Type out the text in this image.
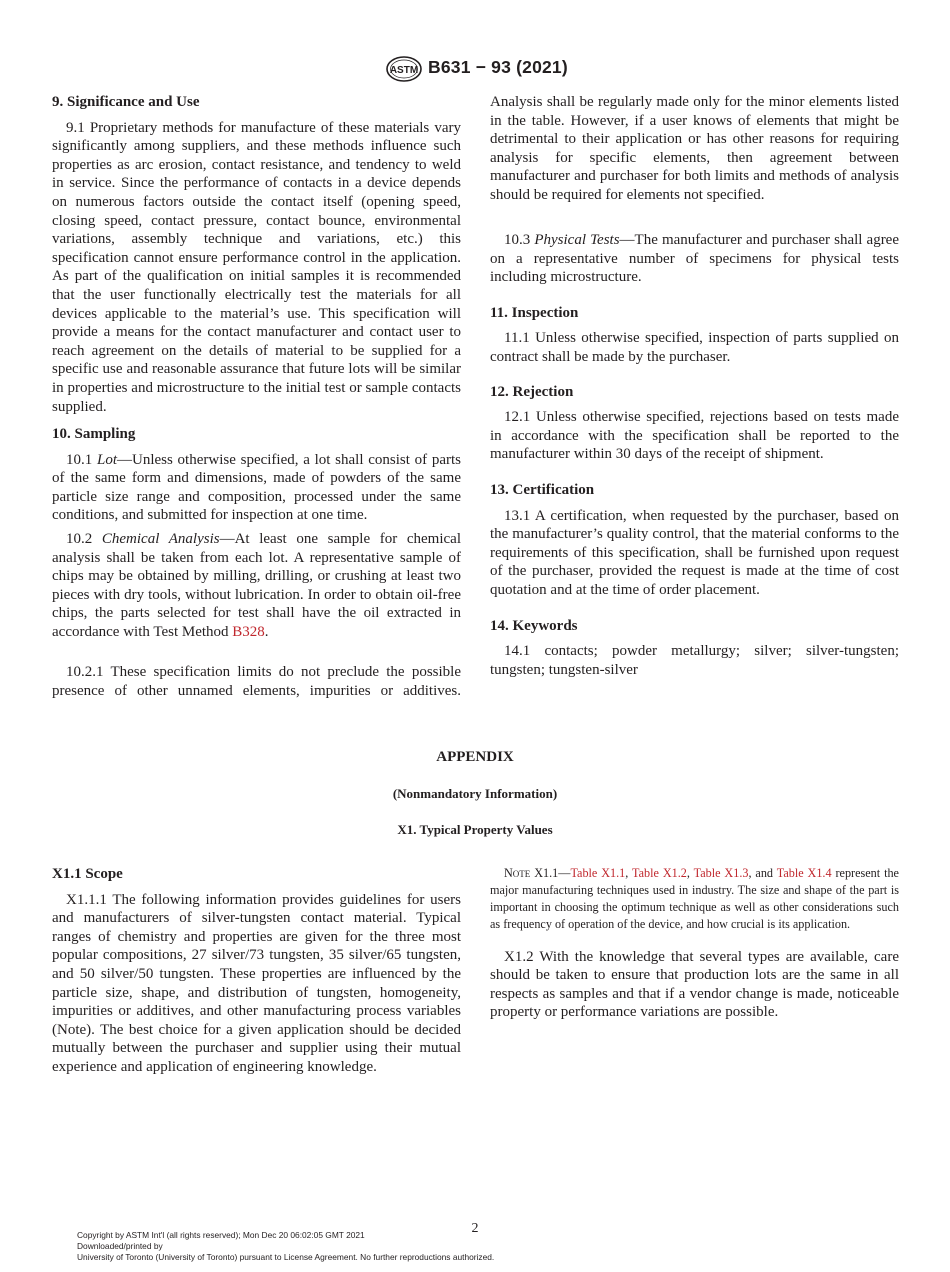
ASTM B631 − 93 (2021)

9. Significance and Use

9.1 Proprietary methods for manufacture of these materials vary significantly among suppliers, and these methods influence such properties as arc erosion, contact resistance, and tendency to weld in service. Since the performance of contacts in a device depends on numerous factors outside the contact itself (opening speed, closing speed, contact pressure, contact bounce, environmental variations, assembly technique and variations, etc.) this specification cannot ensure performance control in the application. As part of the qualification on initial samples it is recommended that the user functionally electrically test the materials for all devices applicable to the material’s use. This specification will provide a means for the contact manufacturer and contact user to reach agreement on the details of material to be supplied for a specific use and reasonable assurance that future lots will be similar in properties and microstructure to the initial test or sample contacts supplied.

10. Sampling

10.1 Lot—Unless otherwise specified, a lot shall consist of parts of the same form and dimensions, made of powders of the same particle size range and composition, processed under the same conditions, and submitted for inspection at one time.

10.2 Chemical Analysis—At least one sample for chemical analysis shall be taken from each lot. A representative sample of chips may be obtained by milling, drilling, or crushing at least two pieces with dry tools, without lubrication. In order to obtain oil-free chips, the parts selected for test shall have the oil extracted in accordance with Test Method B328.

10.2.1 These specification limits do not preclude the possible presence of other unnamed elements, impurities or additives.

Analysis shall be regularly made only for the minor elements listed in the table. However, if a user knows of elements that might be detrimental to their application or has other reasons for requiring analysis for specific elements, then agreement between manufacturer and purchaser for both limits and methods of analysis should be required for elements not specified.

10.3 Physical Tests—The manufacturer and purchaser shall agree on a representative number of specimens for physical tests including microstructure.

11. Inspection

11.1 Unless otherwise specified, inspection of parts supplied on contract shall be made by the purchaser.

12. Rejection

12.1 Unless otherwise specified, rejections based on tests made in accordance with the specification shall be reported to the manufacturer within 30 days of the receipt of shipment.

13. Certification

13.1 A certification, when requested by the purchaser, based on the manufacturer’s quality control, that the material conforms to the requirements of this specification, shall be furnished upon request of the purchaser, provided the request is made at the time of cost quotation and at the time of order placement.

14. Keywords

14.1 contacts; powder metallurgy; silver; silver-tungsten; tungsten; tungsten-silver

APPENDIX
(Nonmandatory Information)
X1. Typical Property Values

X1.1 Scope

X1.1.1 The following information provides guidelines for users and manufacturers of silver-tungsten contact material. Typical ranges of chemistry and properties are given for the three most popular compositions, 27 silver/73 tungsten, 35 silver/65 tungsten, and 50 silver/50 tungsten. These properties are influenced by the particle size, shape, and distribution of tungsten, homogeneity, impurities or additives, and other manufacturing process variables (Note). The best choice for a given application should be decided mutually between the purchaser and supplier using their mutual experience and application of engineering knowledge.

Note X1.1—Table X1.1, Table X1.2, Table X1.3, and Table X1.4 represent the major manufacturing techniques used in industry. The size and shape of the part is important in choosing the optimum technique as well as other considerations such as frequency of operation of the device, and how crucial is its application.

X1.2 With the knowledge that several types are available, care should be taken to ensure that production lots are the same in all respects as samples and that if a vendor change is made, noticeable property or performance variations are possible.

2
Copyright by ASTM Int'l (all rights reserved); Mon Dec 20 06:02:05 GMT 2021
Downloaded/printed by
University of Toronto (University of Toronto) pursuant to License Agreement. No further reproductions authorized.
